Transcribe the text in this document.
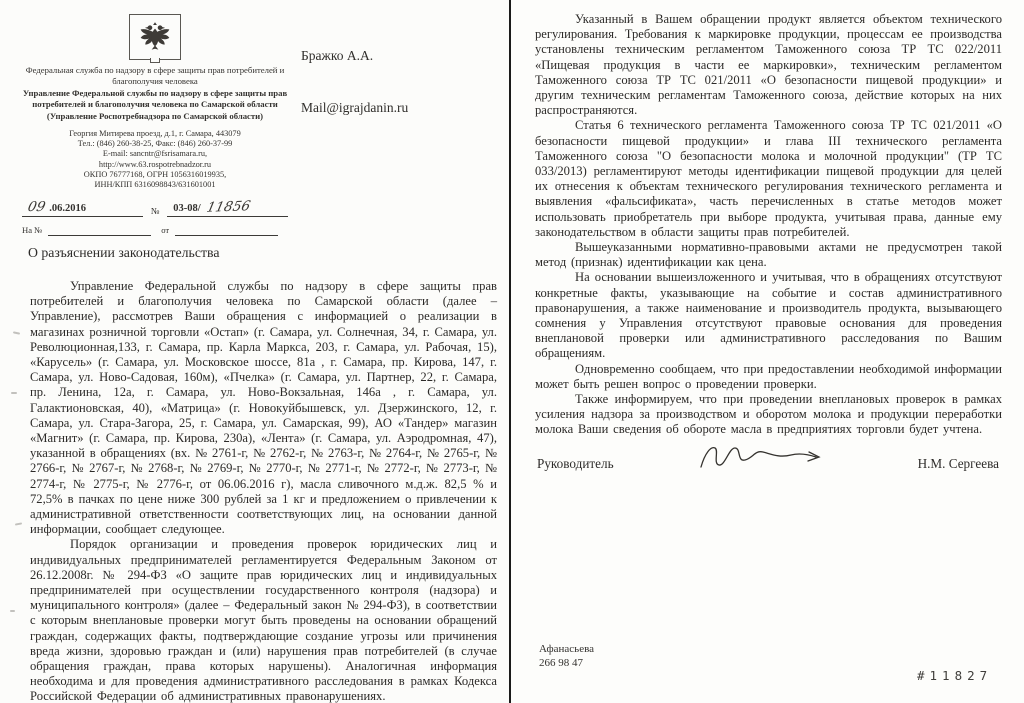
Федеральная служба по надзору в сфере защиты прав потребителей и благополучия человека
Управление Федеральной службы по надзору в сфере защиты прав потребителей и благополучия человека по Самарской области
(Управление Роспотребнадзора по Самарской области)
Георгия Митирева проезд, д.1, г. Самара, 443079
Тел.: (846) 260-38-25, Факс: (846) 260-37-99
E-mail: sancntr@fsrisamara.ru,
http://www.63.rospotrebnadzor.ru
ОКПО 76777168, ОГРН 1056316019935,
ИНН/КПП 6316098843/631601001
09 .06.2016	№	03-08/ 11856
На №	от
Бражко А.А.
Mail@igrajdanin.ru
О разъяснении законодательства

Управление Федеральной службы по надзору в сфере защиты прав потребителей и благополучия человека по Самарской области (далее – Управление), рассмотрев Ваши обращения с информацией о реализации в магазинах розничной торговли «Остап» (г. Самара, ул. Солнечная, 34, г. Самара, ул. Революционная,133, г. Самара, пр. Карла Маркса, 203, г. Самара, ул. Рабочая, 15), «Карусель» (г. Самара, ул. Московское шоссе, 81а , г. Самара, пр. Кирова, 147, г. Самара, ул. Ново-Садовая, 160м), «Пчелка» (г. Самара, ул. Партнер, 22, г. Самара, пр. Ленина, 12а, г. Самара, ул. Ново-Вокзальная, 146а , г. Самара, ул. Галактионовская, 40), «Матрица» (г. Новокуйбышевск, ул. Дзержинского, 12, г. Самара, ул. Стара-Загора, 25, г. Самара, ул. Самарская, 99), АО «Тандер» магазин «Магнит» (г. Самара, пр. Кирова, 230а), «Лента» (г. Самара, ул. Аэродромная, 47), указанной в обращениях (вх. № 2761-г, № 2762-г, № 2763-г, № 2764-г, № 2765-г, № 2766-г, № 2767-г, № 2768-г, № 2769-г, № 2770-г, № 2771-г, № 2772-г, № 2773-г, № 2774-г, № 2775-г, № 2776-г, от 06.06.2016 г), масла сливочного м.д.ж. 82,5 % и 72,5% в пачках по цене ниже 300 рублей за 1 кг и предложением о привлечении к административной ответственности соответствующих лиц, на основании данной информации, сообщает следующее.

Порядок организации и проведения проверок юридических лиц и индивидуальных предпринимателей регламентируется Федеральным Законом от 26.12.2008г. № 294-ФЗ «О защите прав юридических лиц и индивидуальных предпринимателей при осуществлении государственного контроля (надзора) и муниципального контроля» (далее – Федеральный закон № 294-ФЗ), в соответствии с которым внеплановые проверки могут быть проведены на основании обращений граждан, содержащих факты, подтверждающие создание угрозы или причинения вреда жизни, здоровью граждан и (или) нарушения прав потребителей (в случае обращения граждан, права которых нарушены). Аналогичная информация необходима и для проведения административного расследования в рамках Кодекса Российской Федерации об административных правонарушениях.

Указанный в Вашем обращении продукт является объектом технического регулирования. Требования к маркировке продукции, процессам ее производства установлены техническим регламентом Таможенного союза ТР ТС 022/2011 «Пищевая продукция в части ее маркировки», техническим регламентом Таможенного союза ТР ТС 021/2011 «О безопасности пищевой продукции» и другим техническим регламентам Таможенного союза, действие которых на них распространяются.

Статья 6 технического регламента Таможенного союза ТР ТС 021/2011 «О безопасности пищевой продукции» и глава III технического регламента Таможенного союза "О безопасности молока и молочной продукции" (ТР ТС 033/2013) регламентируют методы идентификации пищевой продукции для целей их отнесения к объектам технического регулирования технического регламента и выявления «фальсификата», часть перечисленных в статье методов может использовать приобретатель при выборе продукта, учитывая права, данные ему законодательством в области защиты прав потребителей.

Вышеуказанными нормативно-правовыми актами не предусмотрен такой метод (признак) идентификации как цена.

На основании вышеизложенного и учитывая, что в обращениях отсутствуют конкретные факты, указывающие на событие и состав административного правонарушения, а также наименование и производитель продукта, вызывающего сомнения у Управления отсутствуют правовые основания для проведения внеплановой проверки или административного расследования по Вашим обращениям.

Одновременно сообщаем, что при предоставлении необходимой информации может быть решен вопрос о проведении проверки.

Также информируем, что при проведении внеплановых проверок в рамках усиления надзора за производством и оборотом молока и продукции переработки молока Ваши сведения об обороте масла в предприятиях торговли будет учтена.

Руководитель	Н.М. Сергеева
Афанасьева
266 98 47
#11827
